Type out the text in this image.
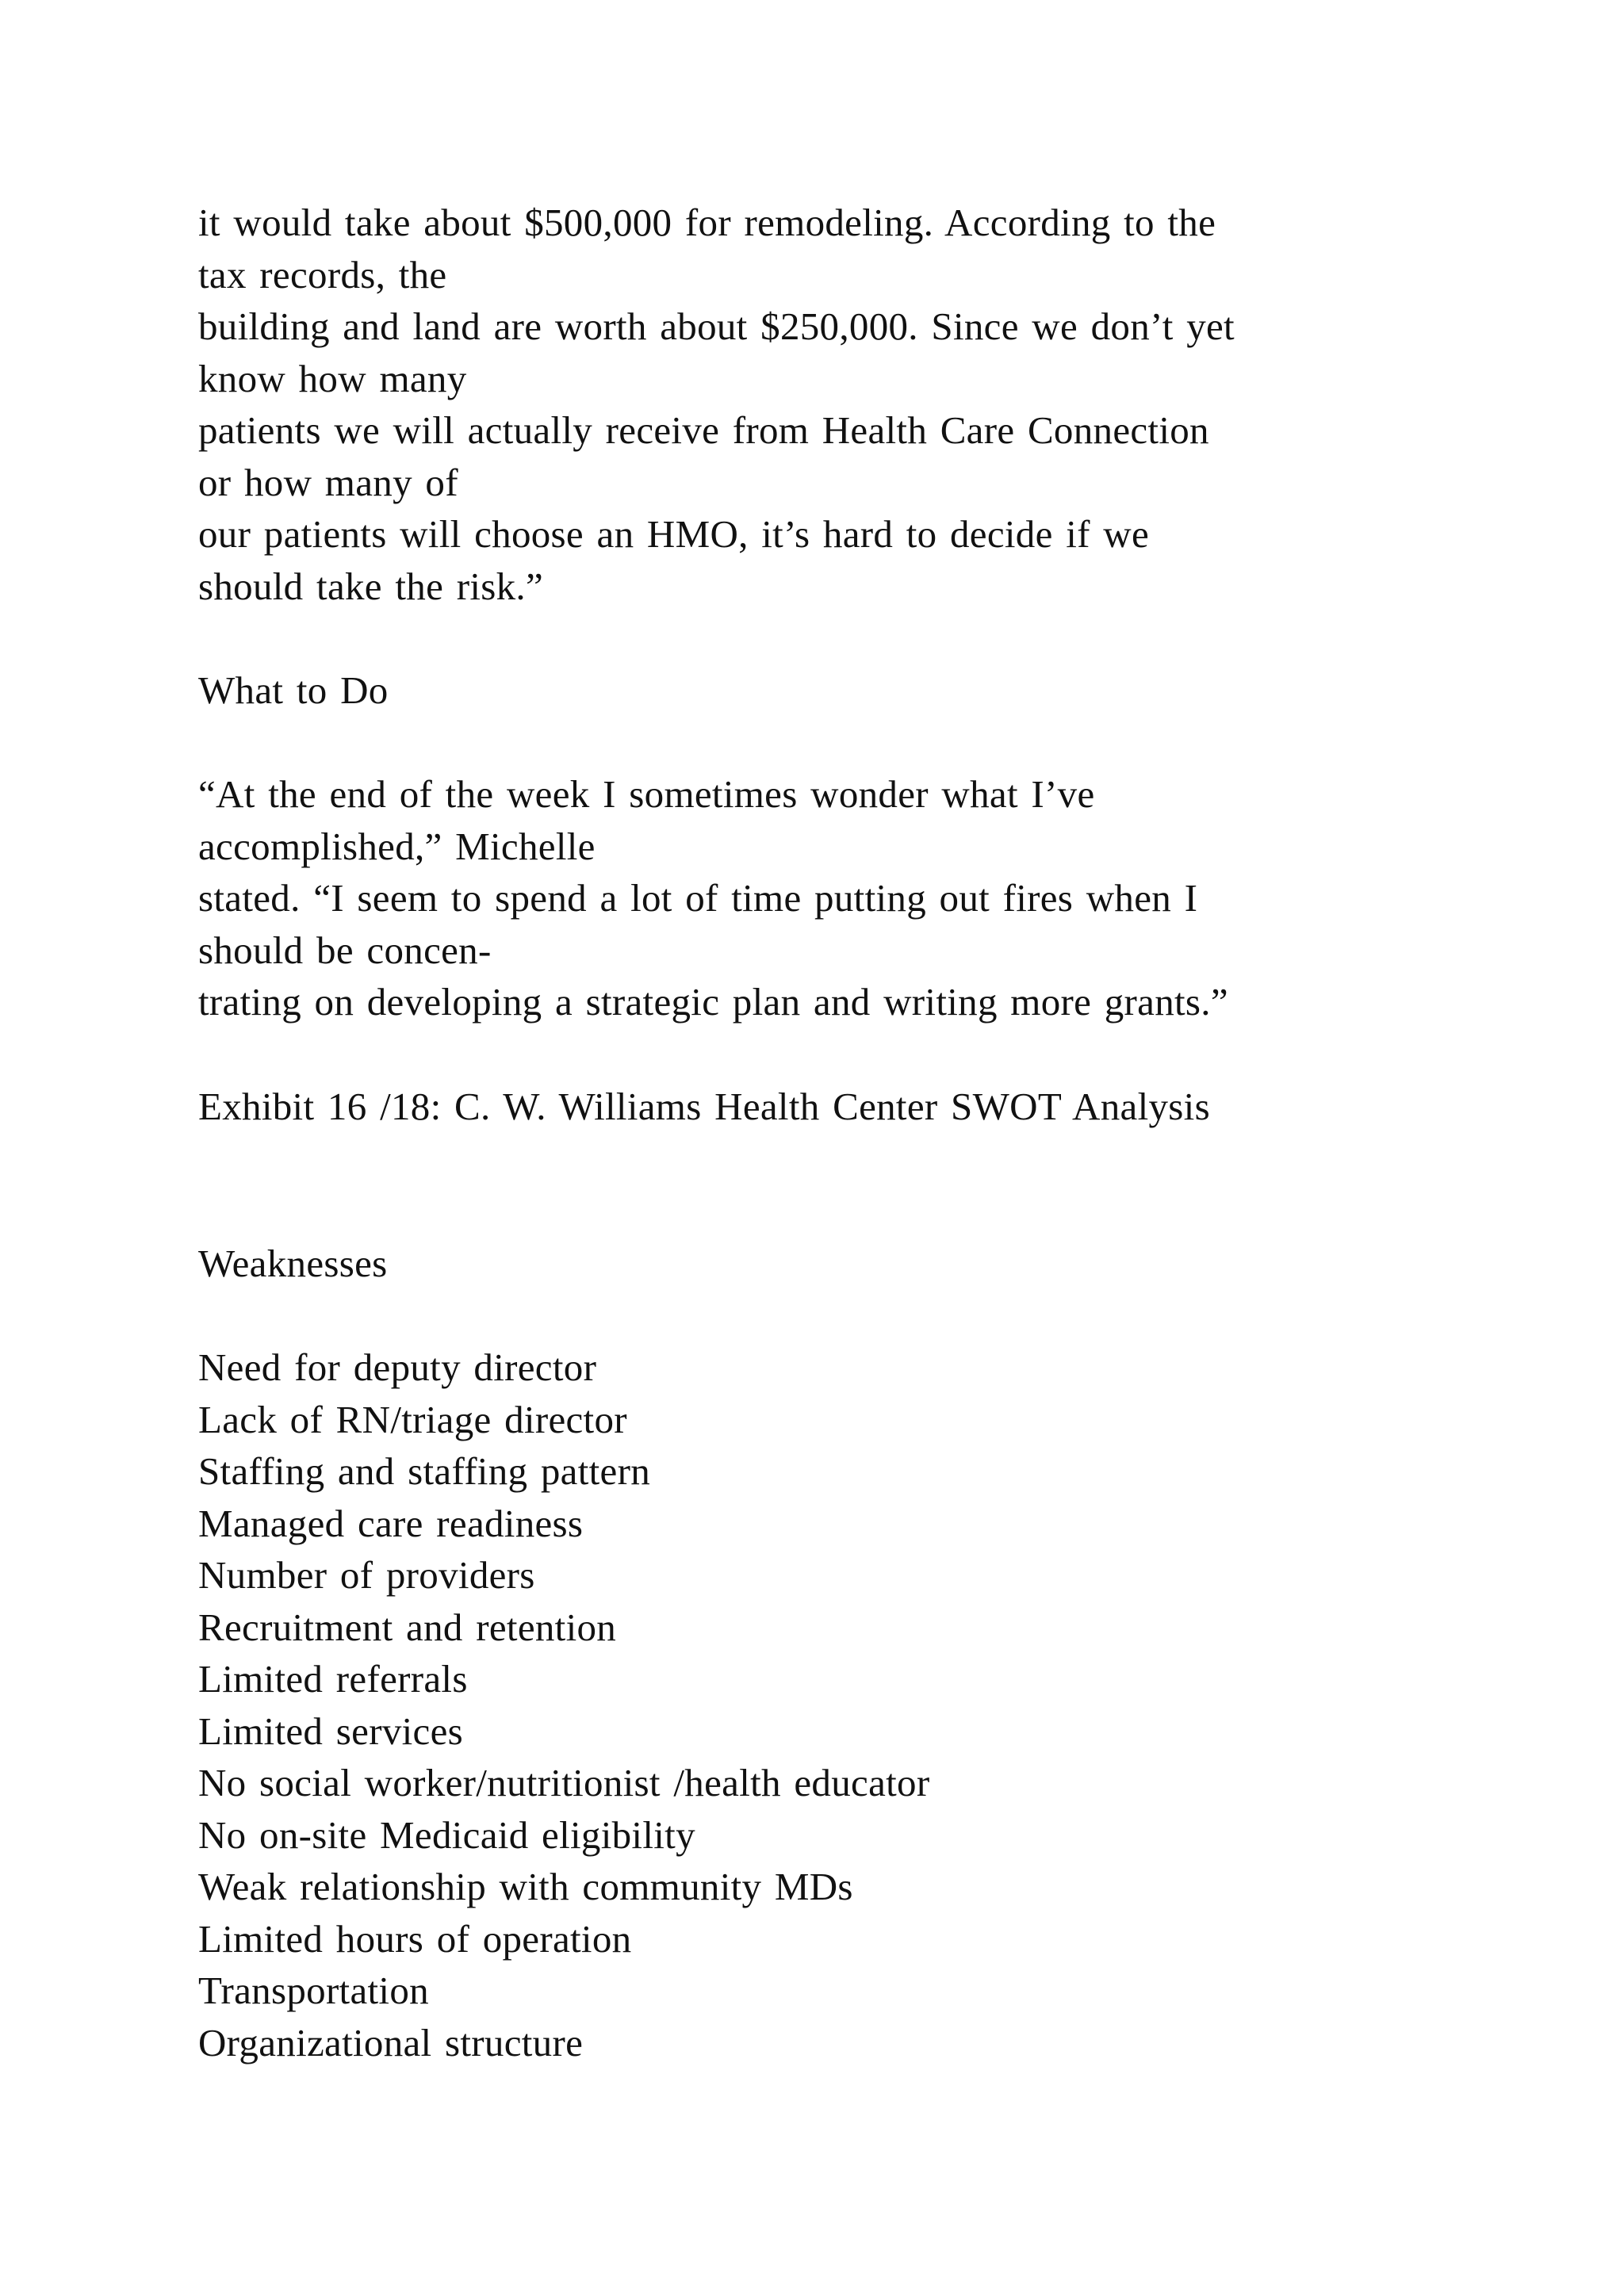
it would take about $500,000 for remodeling. According to the
tax records, the
building and land are worth about $250,000. Since we don’t yet
know how many
patients we will actually receive from Health Care Connection
or how many of
our patients will choose an HMO, it’s hard to decide if we
should take the risk.”
What to Do
“At the end of the week I sometimes wonder what I’ve
accomplished,” Michelle
stated. “I seem to spend a lot of time putting out fires when I
should be concen-
trating on developing a strategic plan and writing more grants.”
Exhibit 16 /18: C. W. Williams Health Center SWOT Analysis
Weaknesses
Need for deputy director
Lack of RN/triage director
Staffing and staffing pattern
Managed care readiness
Number of providers
Recruitment and retention
Limited referrals
Limited services
No social worker/nutritionist /health educator
No on-site Medicaid eligibility
Weak relationship with community MDs
Limited hours of operation
Transportation
Organizational structure
